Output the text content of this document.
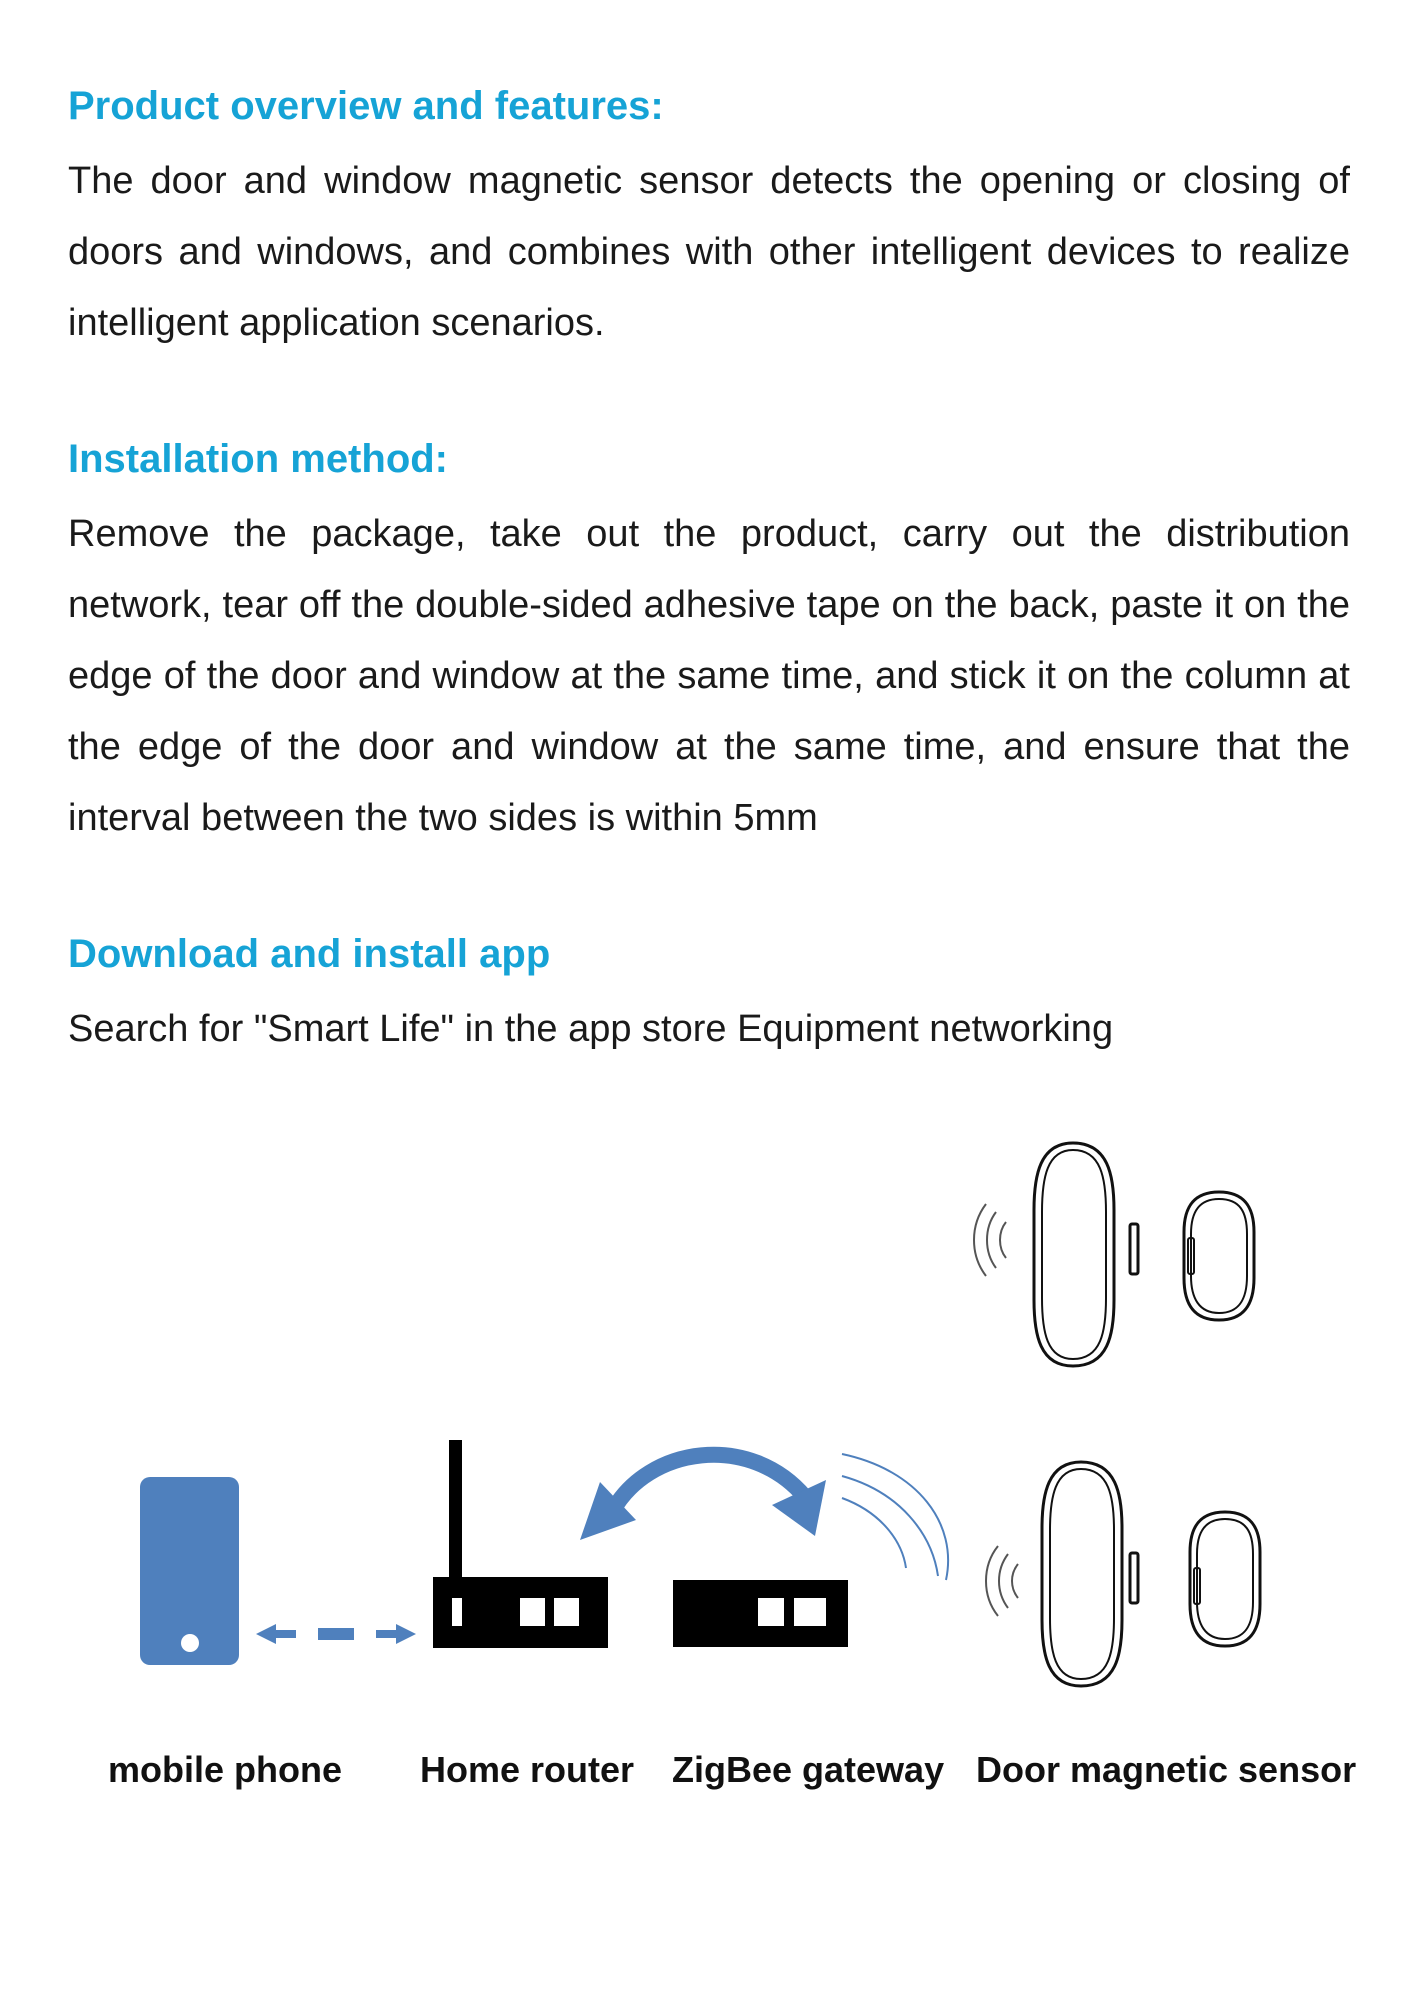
Product overview and features:

The door and window magnetic sensor detects the opening or closing of doors and windows, and combines with other intelligent devices to realize intelligent application scenarios.

Installation method:

Remove the package, take out the product, carry out the distribution network, tear off the double-sided adhesive tape on the back, paste it on the edge of the door and window at the same time, and stick it on the column at the edge of the door and window at the same time, and ensure that the interval between the two sides is within 5mm

Download and install app

Search for "Smart Life" in the app store Equipment networking

mobile phone Home router ZigBee gateway Door magnetic sensor
